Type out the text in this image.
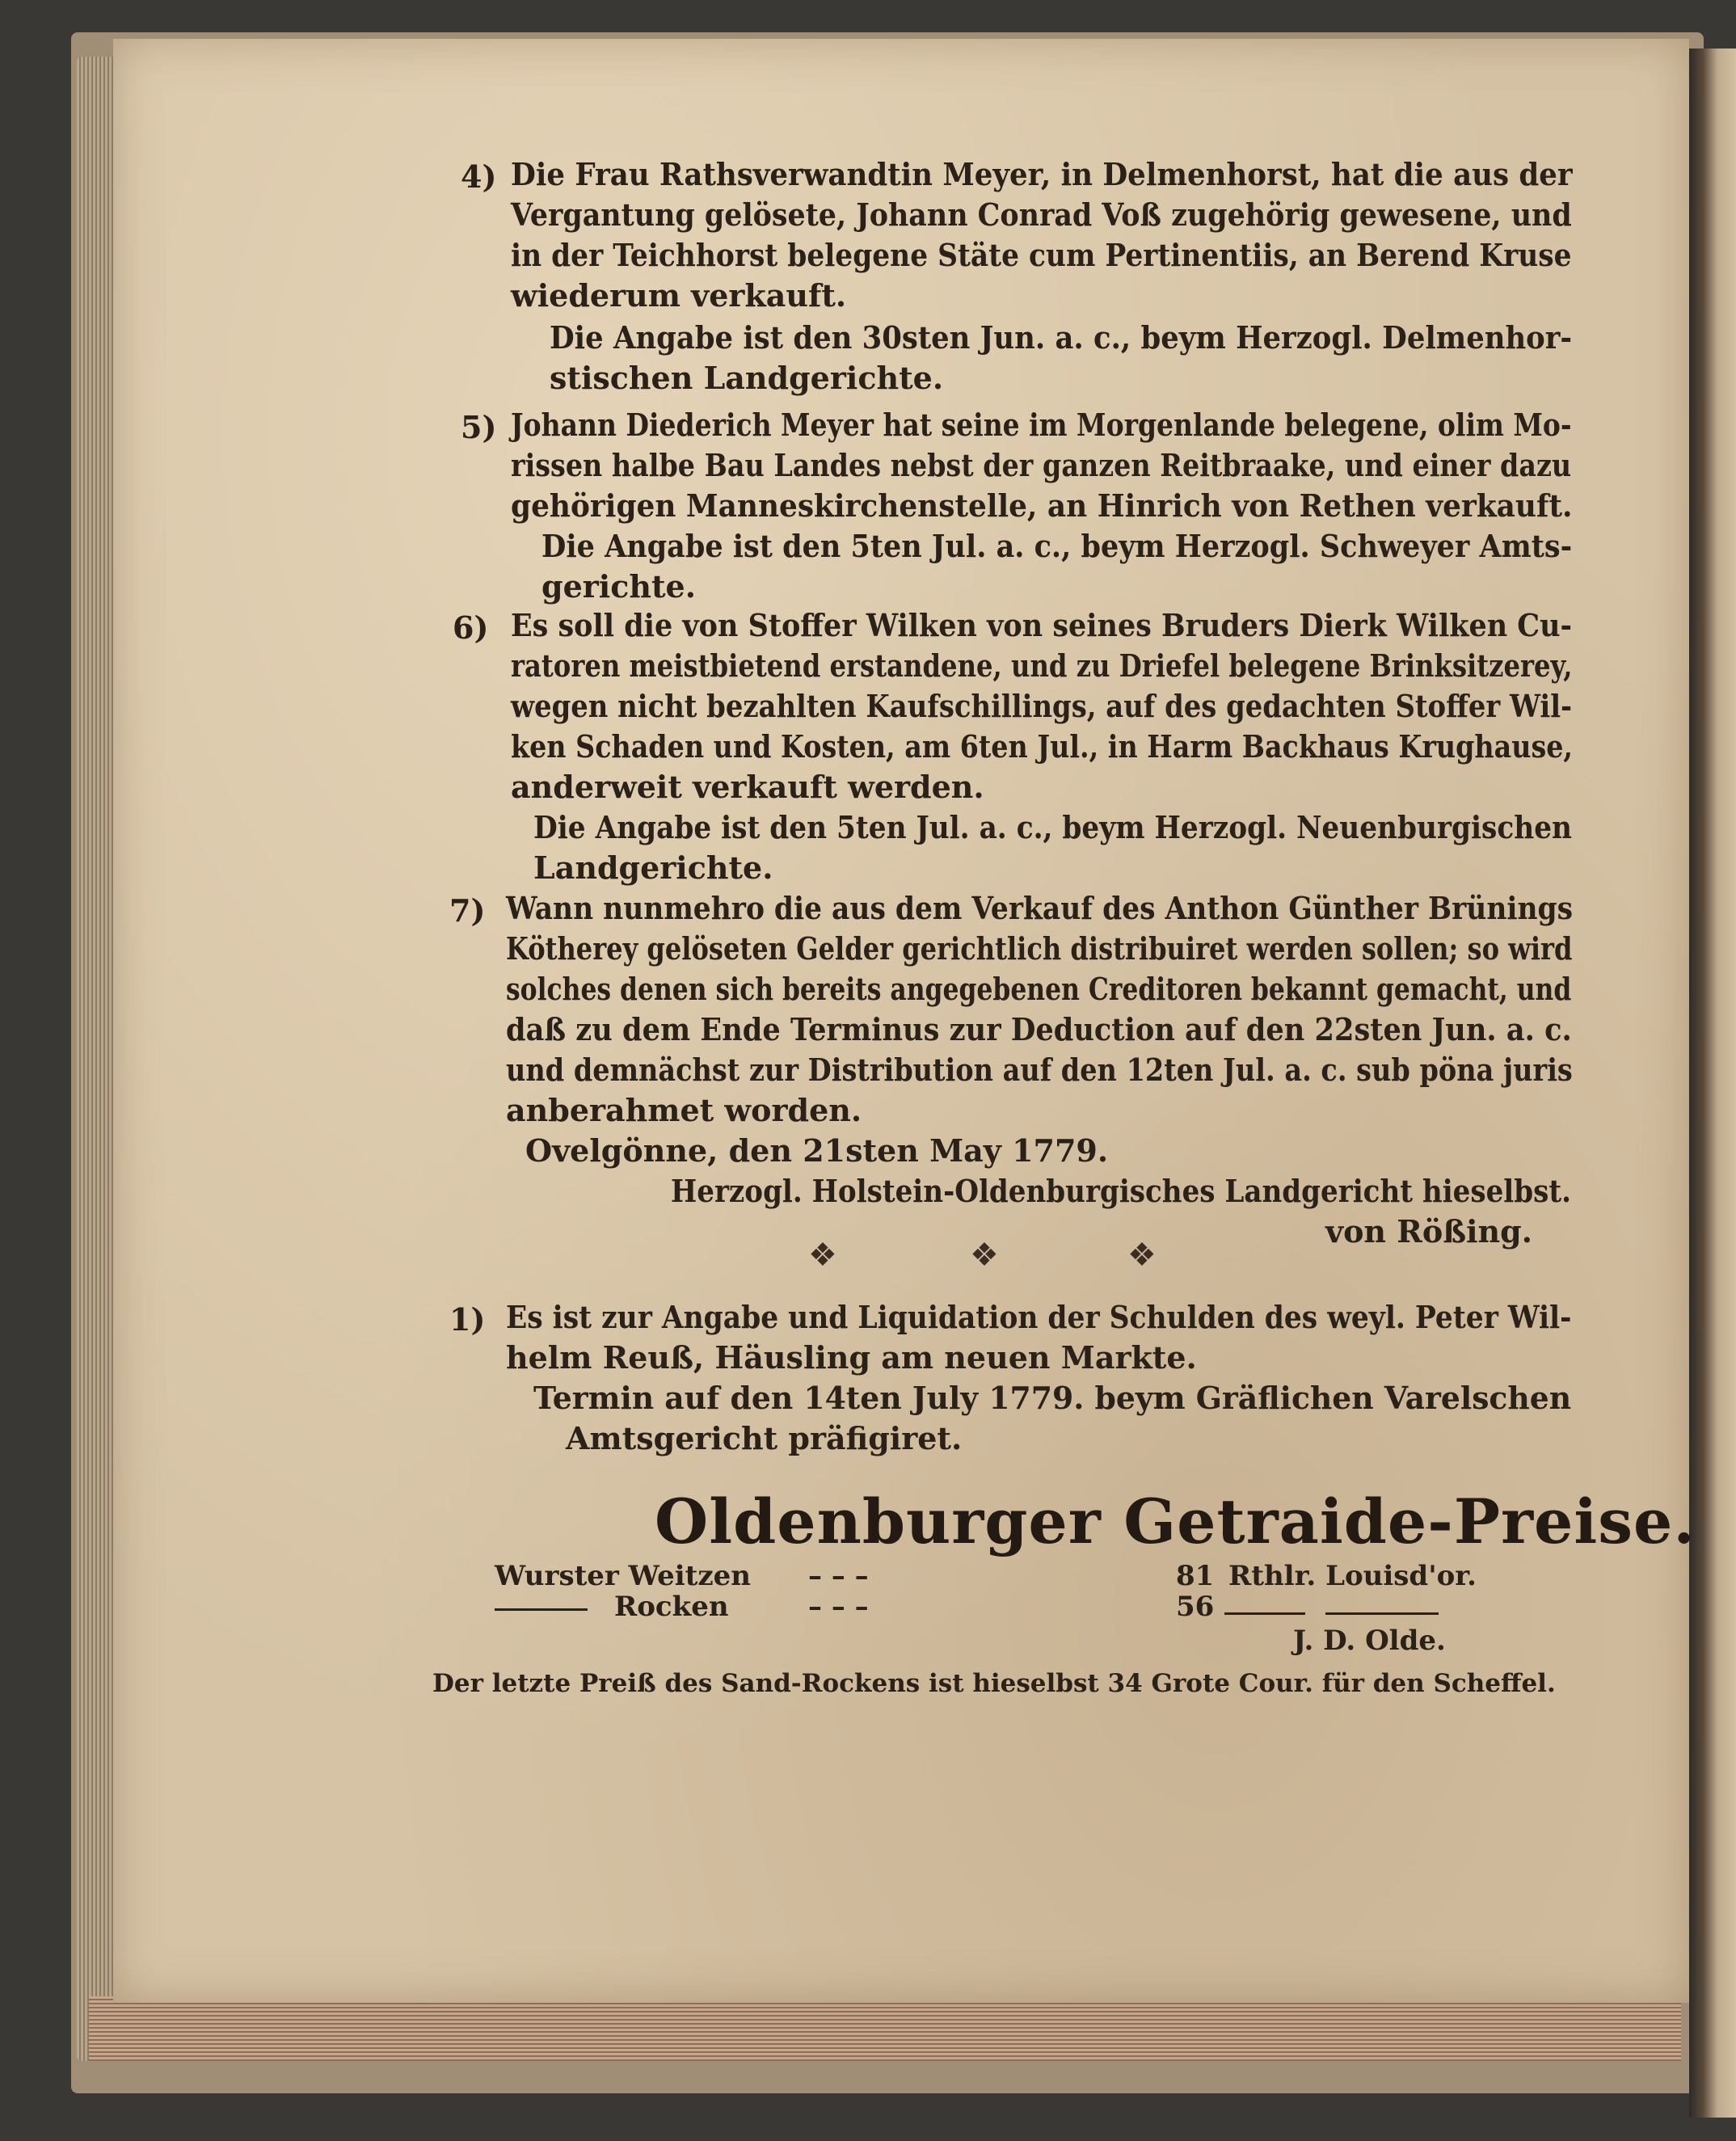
4) Die Frau Rathsverwandtin Meyer, in Delmenhorst, hat die aus der
Vergantung gelösete, Johann Conrad Voß zugehörig gewesene, und
in der Teichhorst belegene Stäte cum Pertinentiis, an Berend Kruse
wiederum verkauft.
Die Angabe ist den 30sten Jun. a. c., beym Herzogl. Delmenhor-
stischen Landgerichte.
5) Johann Diederich Meyer hat seine im Morgenlande belegene, olim Mo-
rissen halbe Bau Landes nebst der ganzen Reitbraake, und einer dazu
gehörigen Manneskirchenstelle, an Hinrich von Rethen verkauft.
Die Angabe ist den 5ten Jul. a. c., beym Herzogl. Schweyer Amts-
gerichte.
6) Es soll die von Stoffer Wilken von seines Bruders Dierk Wilken Cu-
ratoren meistbietend erstandene, und zu Driefel belegene Brinksitzerey,
wegen nicht bezahlten Kaufschillings, auf des gedachten Stoffer Wil-
ken Schaden und Kosten, am 6ten Jul., in Harm Backhaus Krughause,
anderweit verkauft werden.
Die Angabe ist den 5ten Jul. a. c., beym Herzogl. Neuenburgischen
Landgerichte.
7) Wann nunmehro die aus dem Verkauf des Anthon Günther Brünings
Kötherey gelöseten Gelder gerichtlich distribuiret werden sollen; so wird
solches denen sich bereits angegebenen Creditoren bekannt gemacht, und
daß zu dem Ende Terminus zur Deduction auf den 22sten Jun. a. c.
und demnächst zur Distribution auf den 12ten Jul. a. c. sub pöna juris
anberahmet worden.
Ovelgönne, den 21sten May 1779.
Herzogl. Holstein-Oldenburgisches Landgericht hieselbst.
von Rößing.
❖	❖	❖
1) Es ist zur Angabe und Liquidation der Schulden des weyl. Peter Wil-
helm Reuß, Häusling am neuen Markte.
Termin auf den 14ten July 1779. beym Gräflichen Varelschen
Amtsgericht präfigiret.
Oldenburger Getraide-Preise.
Wurster Weitzen – – –	81 Rthlr. Louisd'or.
Rocken	– – –	56
J. D. Olde.
Der letzte Preiß des Sand-Rockens ist hieselbst 34 Grote Cour. für den Scheffel.
